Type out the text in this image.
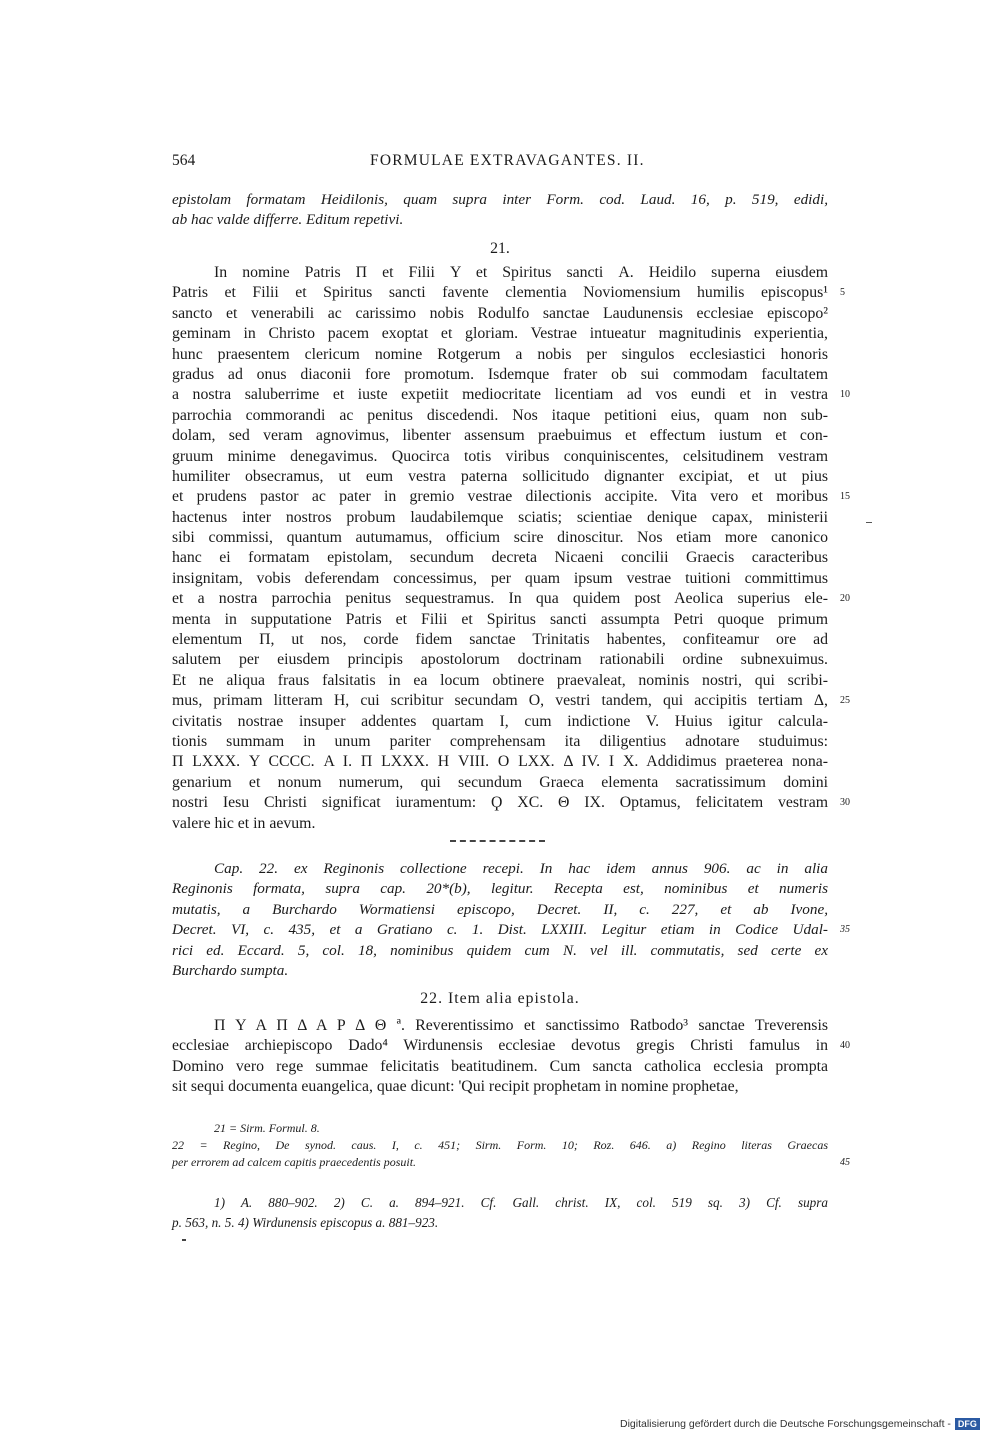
564	FORMULAE EXTRAVAGANTES. II.
epistolam formatam Heidilonis, quam supra inter Form. cod. Laud. 16, p. 519, edidi,
ab hac valde differre. Editum repetivi.
21.
In nomine Patris Π et Filii Υ et Spiritus sancti Α. Heidilo superna eiusdem
Patris et Filii et Spiritus sancti favente clementia Noviomensium humilis episcopus¹ 5
sancto et venerabili ac carissimo nobis Rodulfo sanctae Laudunensis ecclesiae episcopo²
geminam in Christo pacem exoptat et gloriam. Vestrae intueatur magnitudinis experientia,
hunc praesentem clericum nomine Rotgerum a nobis per singulos ecclesiastici honoris
gradus ad onus diaconii fore promotum. Isdemque frater ob sui commodam facultatem
a nostra saluberrime et iuste expetiit mediocritate licentiam ad vos eundi et in vestra 10
parrochia commorandi ac penitus discedendi. Nos itaque petitioni eius, quam non sub-
dolam, sed veram agnovimus, libenter assensum praebuimus et effectum iustum et con-
gruum minime denegavimus. Quocirca totis viribus conquiniscentes, celsitudinem vestram
humiliter obsecramus, ut eum vestra paterna sollicitudo dignanter excipiat, et ut pius
et prudens pastor ac pater in gremio vestrae dilectionis accipite. Vita vero et moribus 15
hactenus inter nostros probum laudabilemque sciatis; scientiae denique capax, ministerii
sibi commissi, quantum autumamus, officium scire dinoscitur. Nos etiam more canonico
hanc ei formatam epistolam, secundum decreta Nicaeni concilii Graecis caracteribus
insignitam, vobis deferendam concessimus, per quam ipsum vestrae tuitioni committimus
et a nostra parrochia penitus sequestramus. In qua quidem post Aeolica superius ele- 20
menta in supputatione Patris et Filii et Spiritus sancti assumpta Petri quoque primum
elementum Π, ut nos, corde fidem sanctae Trinitatis habentes, confiteamur ore ad
salutem per eiusdem principis apostolorum doctrinam rationabili ordine subnexuimus.
Et ne aliqua fraus falsitatis in ea locum obtinere praevaleat, nominis nostri, qui scribi-
mus, primam litteram Η, cui scribitur secundam Ο, vestri tandem, qui accipitis tertiam Δ, 25
civitatis nostrae insuper addentes quartam Ι, cum indictione V. Huius igitur calcula-
tionis summam in unum pariter comprehensam ita diligentius adnotare studuimus:
Π LXXX. Υ CCCC. Α I. Π LXXX. Η VIII. Ο LXX. Δ IV. Ι X. Addidimus praeterea nona-
genarium et nonum numerum, qui secundum Graeca elementa sacratissimum domini
nostri Iesu Christi significat iuramentum: Ϙ XC. Θ IX. Optamus, felicitatem vestram 30
valere hic et in aevum.
Cap. 22. ex Reginonis collectione recepi. In hac idem annus 906. ac in alia
Reginonis formata, supra cap. 20*(b), legitur. Recepta est, nominibus et numeris
mutatis, a Burchardo Wormatiensi episcopo, Decret. II, c. 227, et ab Ivone,
Decret. VI, c. 435, et a Gratiano c. 1. Dist. LXXIII. Legitur etiam in Codice Udal- 35
rici ed. Eccard. 5, col. 18, nominibus quidem cum N. vel ill. commutatis, sed certe ex
Burchardo sumpta.
22. Item alia epistola.
Π Υ Α Π Δ Α Ρ Δ Θ ª. Reverentissimo et sanctissimo Ratbodo³ sanctae Treverensis
ecclesiae archiepiscopo Dado⁴ Wirdunensis ecclesiae devotus gregis Christi famulus in 40
Domino vero rege summae felicitatis beatitudinem. Cum sancta catholica ecclesia prompta
sit sequi documenta euangelica, quae dicunt: 'Qui recipit prophetam in nomine prophetae,
21 = Sirm. Formul. 8.
22 = Regino, De synod. caus. I, c. 451; Sirm. Form. 10; Roz. 646. a) Regino literas Graecas
per errorem ad calcem capitis praecedentis posuit.	45
1) A. 880–902. 2) C. a. 894–921. Cf. Gall. christ. IX, col. 519 sq. 3) Cf. supra
p. 563, n. 5. 4) Wirdunensis episcopus a. 881–923.
Digitalisierung gefördert durch die Deutsche Forschungsgemeinschaft - DFG
